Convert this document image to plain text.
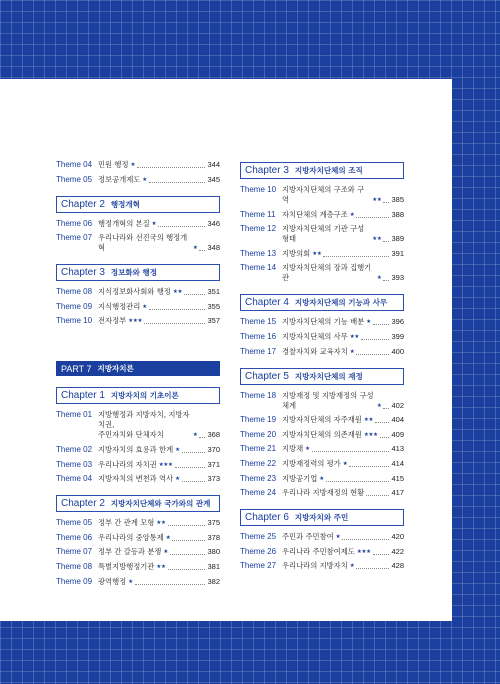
Theme 04 민원 행정 ★	344
Theme 05 정보공개제도 ★	345
Chapter 2 행정개혁
Theme 06 행정개혁의 본질 ★	346
Theme 07 우리나라와 선진국의 행정개혁	★ 348
Chapter 3 정보화와 행정
Theme 08 지식정보화사회와 행정 ★★	351
Theme 09 지식행정관리 ★	355
Theme 10 전자정부 ★★★	357
PART 7 지방자치론
Chapter 1 지방자치의 기초이론
Theme 01 지방행정과 지방자치, 지방자치권,
주민자치와 단체자치	★ 368
Theme 02 지방자치의 효용과 한계 ★	370
Theme 03 우리나라의 자치권 ★★★	371
Theme 04 지방자치의 변천과 역사 ★	373
Chapter 2 지방자치단체와 국가와의 관계
Theme 05 정부 간 관계 모형 ★★	375
Theme 06 우리나라의 중앙통제 ★	378
Theme 07 정부 간 갈등과 분쟁 ★	380
Theme 08 특별지방행정기관 ★★	381
Theme 09 광역행정 ★	382
Chapter 3 지방자치단체의 조직
Theme 10 지방자치단체의 구조와 구역	★★ 385
Theme 11 자치단체의 계층구조 ★	388
Theme 12 지방자치단체의 기관 구성 형태	★★ 389
Theme 13 지방의회 ★★	391
Theme 14 지방자치단체의 장과 집행기관	★ 393
Chapter 4 지방자치단체의 기능과 사무
Theme 15 지방자치단체의 기능 배분 ★	396
Theme 16 지방자치단체의 사무 ★★	399
Theme 17 경찰자치와 교육자치 ★	400
Chapter 5 지방자치단체의 재정
Theme 18 지방재정 및 지방재정의 구성체계	★ 402
Theme 19 지방자치단체의 자주재원 ★★ 404
Theme 20 지방자치단체의 의존재원 ★★★ 409
Theme 21 지방채 ★	413
Theme 22 지방재정력의 평가 ★	414
Theme 23 지방공기업 ★	415
Theme 24 우리나라 지방재정의 현황	417
Chapter 6 지방자치와 주민
Theme 25 주민과 주민참여 ★	420
Theme 26 우리나라 주민참여제도 ★★★	422
Theme 27 우리나라의 지방자치 ★	428
